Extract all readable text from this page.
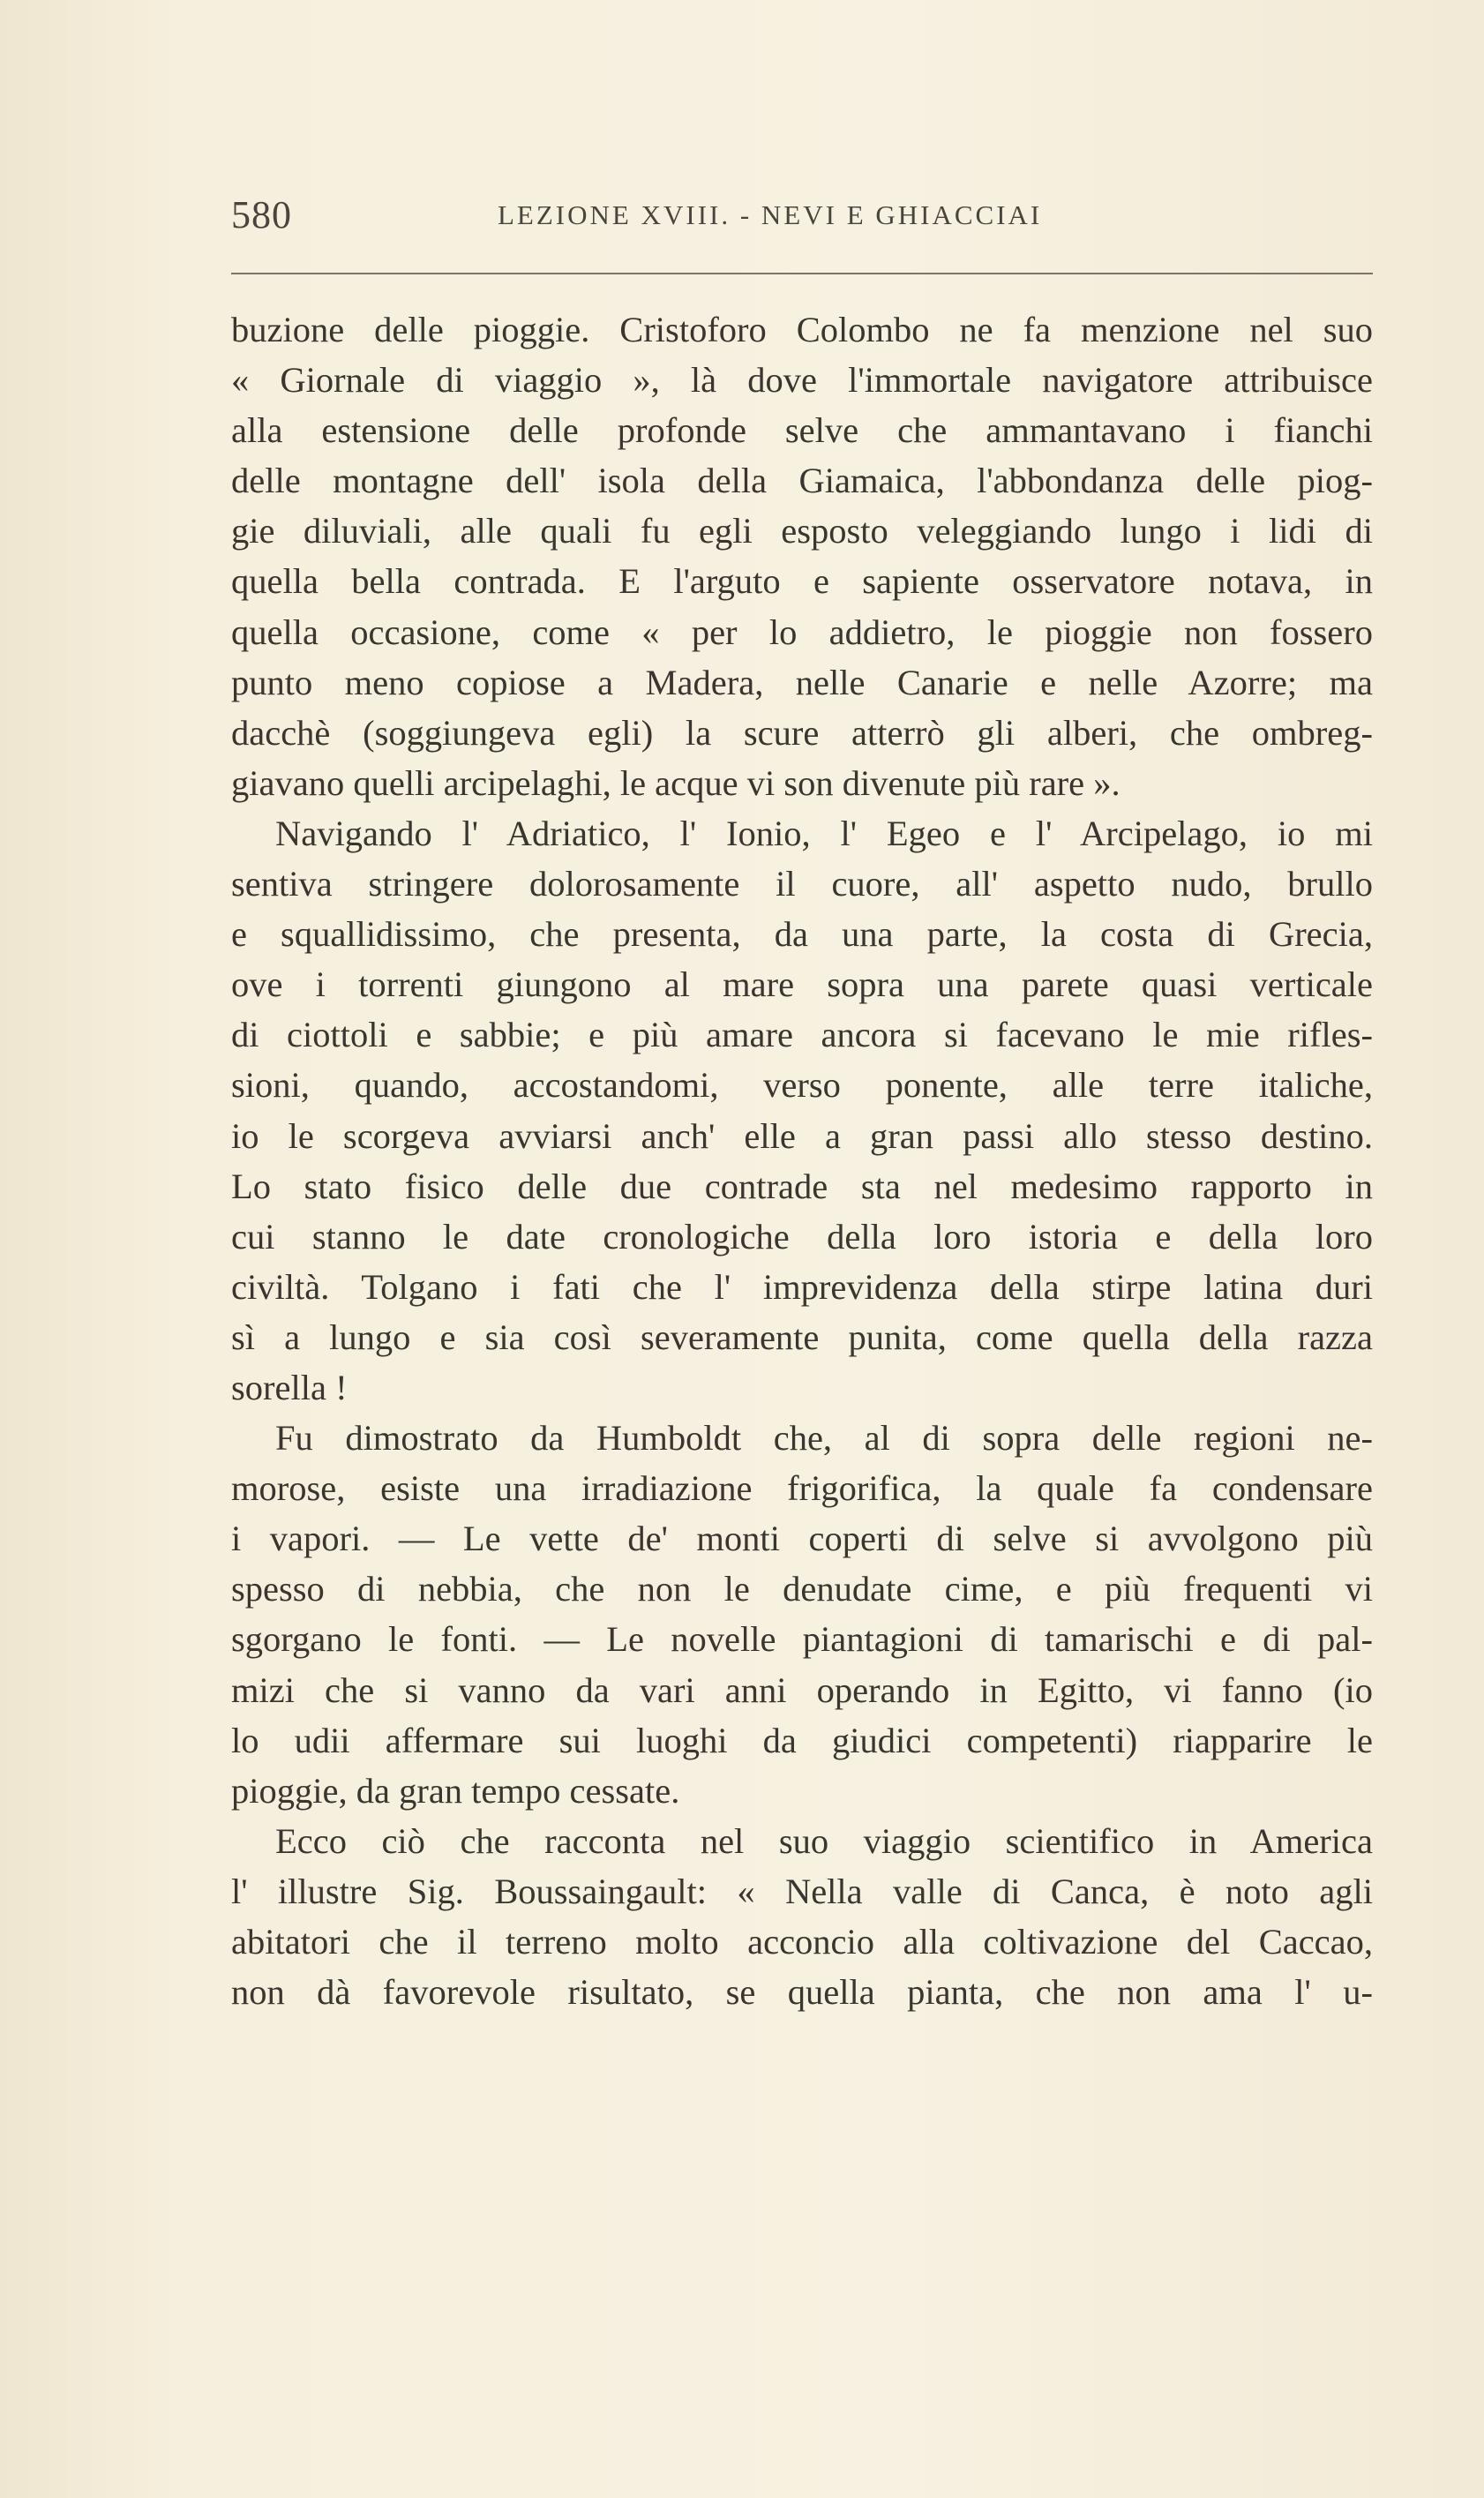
580	LEZIONE XVIII. - NEVI E GHIACCIAI
buzione delle pioggie. Cristoforo Colombo ne fa menzione nel suo
« Giornale di viaggio », là dove l'immortale navigatore attribuisce
alla estensione delle profonde selve che ammantavano i fianchi
delle montagne dell' isola della Giamaica, l'abbondanza delle piog-
gie diluviali, alle quali fu egli esposto veleggiando lungo i lidi di
quella bella contrada. E l'arguto e sapiente osservatore notava, in
quella occasione, come « per lo addietro, le pioggie non fossero
punto meno copiose a Madera, nelle Canarie e nelle Azorre; ma
dacchè (soggiungeva egli) la scure atterrò gli alberi, che ombreg-
giavano quelli arcipelaghi, le acque vi son divenute più rare ».
Navigando l' Adriatico, l' Ionio, l' Egeo e l' Arcipelago, io mi
sentiva stringere dolorosamente il cuore, all' aspetto nudo, brullo
e squallidissimo, che presenta, da una parte, la costa di Grecia,
ove i torrenti giungono al mare sopra una parete quasi verticale
di ciottoli e sabbie; e più amare ancora si facevano le mie rifles-
sioni, quando, accostandomi, verso ponente, alle terre italiche,
io le scorgeva avviarsi anch' elle a gran passi allo stesso destino.
Lo stato fisico delle due contrade sta nel medesimo rapporto in
cui stanno le date cronologiche della loro istoria e della loro
civiltà. Tolgano i fati che l' imprevidenza della stirpe latina duri
sì a lungo e sia così severamente punita, come quella della razza
sorella !
Fu dimostrato da Humboldt che, al di sopra delle regioni ne-
morose, esiste una irradiazione frigorifica, la quale fa condensare
i vapori. — Le vette de' monti coperti di selve si avvolgono più
spesso di nebbia, che non le denudate cime, e più frequenti vi
sgorgano le fonti. — Le novelle piantagioni di tamarischi e di pal-
mizi che si vanno da vari anni operando in Egitto, vi fanno (io
lo udii affermare sui luoghi da giudici competenti) riapparire le
pioggie, da gran tempo cessate.
Ecco ciò che racconta nel suo viaggio scientifico in America
l' illustre Sig. Boussaingault: « Nella valle di Canca, è noto agli
abitatori che il terreno molto acconcio alla coltivazione del Caccao,
non dà favorevole risultato, se quella pianta, che non ama l' u-
